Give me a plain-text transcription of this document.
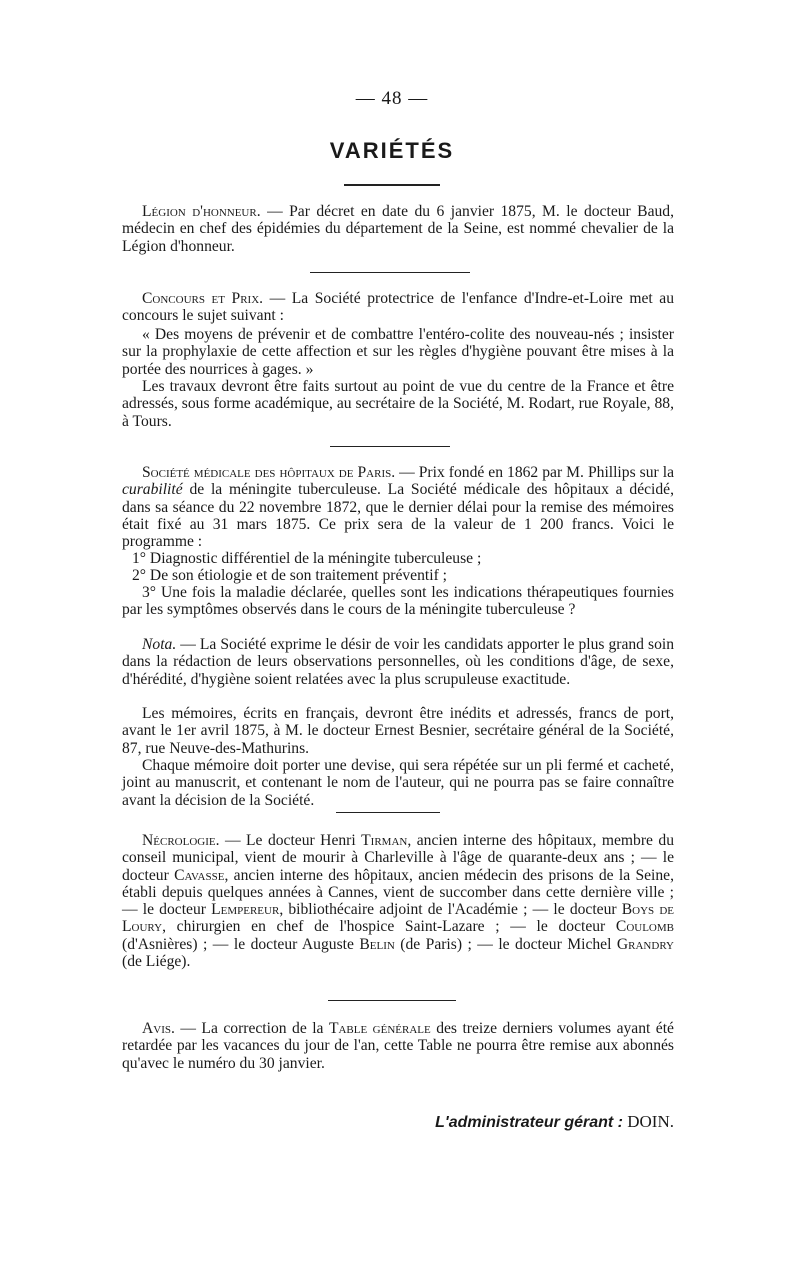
— 48 —
VARIÉTÉS

Légion d'honneur. — Par décret en date du 6 janvier 1875, M. le docteur Baud, médecin en chef des épidémies du département de la Seine, est nommé chevalier de la Légion d'honneur.

Concours et Prix. — La Société protectrice de l'enfance d'Indre-et-Loire met au concours le sujet suivant :

« Des moyens de prévenir et de combattre l'entéro-colite des nouveau-nés ; insister sur la prophylaxie de cette affection et sur les règles d'hygiène pouvant être mises à la portée des nourrices à gages. »

Les travaux devront être faits surtout au point de vue du centre de la France et être adressés, sous forme académique, au secrétaire de la Société, M. Rodart, rue Royale, 88, à Tours.

Société médicale des hôpitaux de Paris. — Prix fondé en 1862 par M. Phillips sur la curabilité de la méningite tuberculeuse. La Société médicale des hôpitaux a décidé, dans sa séance du 22 novembre 1872, que le dernier délai pour la remise des mémoires était fixé au 31 mars 1875. Ce prix sera de la valeur de 1 200 francs. Voici le programme :

1° Diagnostic différentiel de la méningite tuberculeuse ;

2° De son étiologie et de son traitement préventif ;

3° Une fois la maladie déclarée, quelles sont les indications thérapeutiques fournies par les symptômes observés dans le cours de la méningite tuberculeuse ?

Nota. — La Société exprime le désir de voir les candidats apporter le plus grand soin dans la rédaction de leurs observations personnelles, où les conditions d'âge, de sexe, d'hérédité, d'hygiène soient relatées avec la plus scrupuleuse exactitude.

Les mémoires, écrits en français, devront être inédits et adressés, francs de port, avant le 1er avril 1875, à M. le docteur Ernest Besnier, secrétaire général de la Société, 87, rue Neuve-des-Mathurins.

Chaque mémoire doit porter une devise, qui sera répétée sur un pli fermé et cacheté, joint au manuscrit, et contenant le nom de l'auteur, qui ne pourra pas se faire connaître avant la décision de la Société.

Nécrologie. — Le docteur Henri Tirman, ancien interne des hôpitaux, membre du conseil municipal, vient de mourir à Charleville à l'âge de quarante-deux ans ; — le docteur Cavasse, ancien interne des hôpitaux, ancien médecin des prisons de la Seine, établi depuis quelques années à Cannes, vient de succomber dans cette dernière ville ; — le docteur Lempereur, bibliothécaire adjoint de l'Académie ; — le docteur Boys de Loury, chirurgien en chef de l'hospice Saint-Lazare ; — le docteur Coulomb (d'Asnières) ; — le docteur Auguste Belin (de Paris) ; — le docteur Michel Grandry (de Liége).

Avis. — La correction de la Table générale des treize derniers volumes ayant été retardée par les vacances du jour de l'an, cette Table ne pourra être remise aux abonnés qu'avec le numéro du 30 janvier.

L'administrateur gérant : DOIN.
